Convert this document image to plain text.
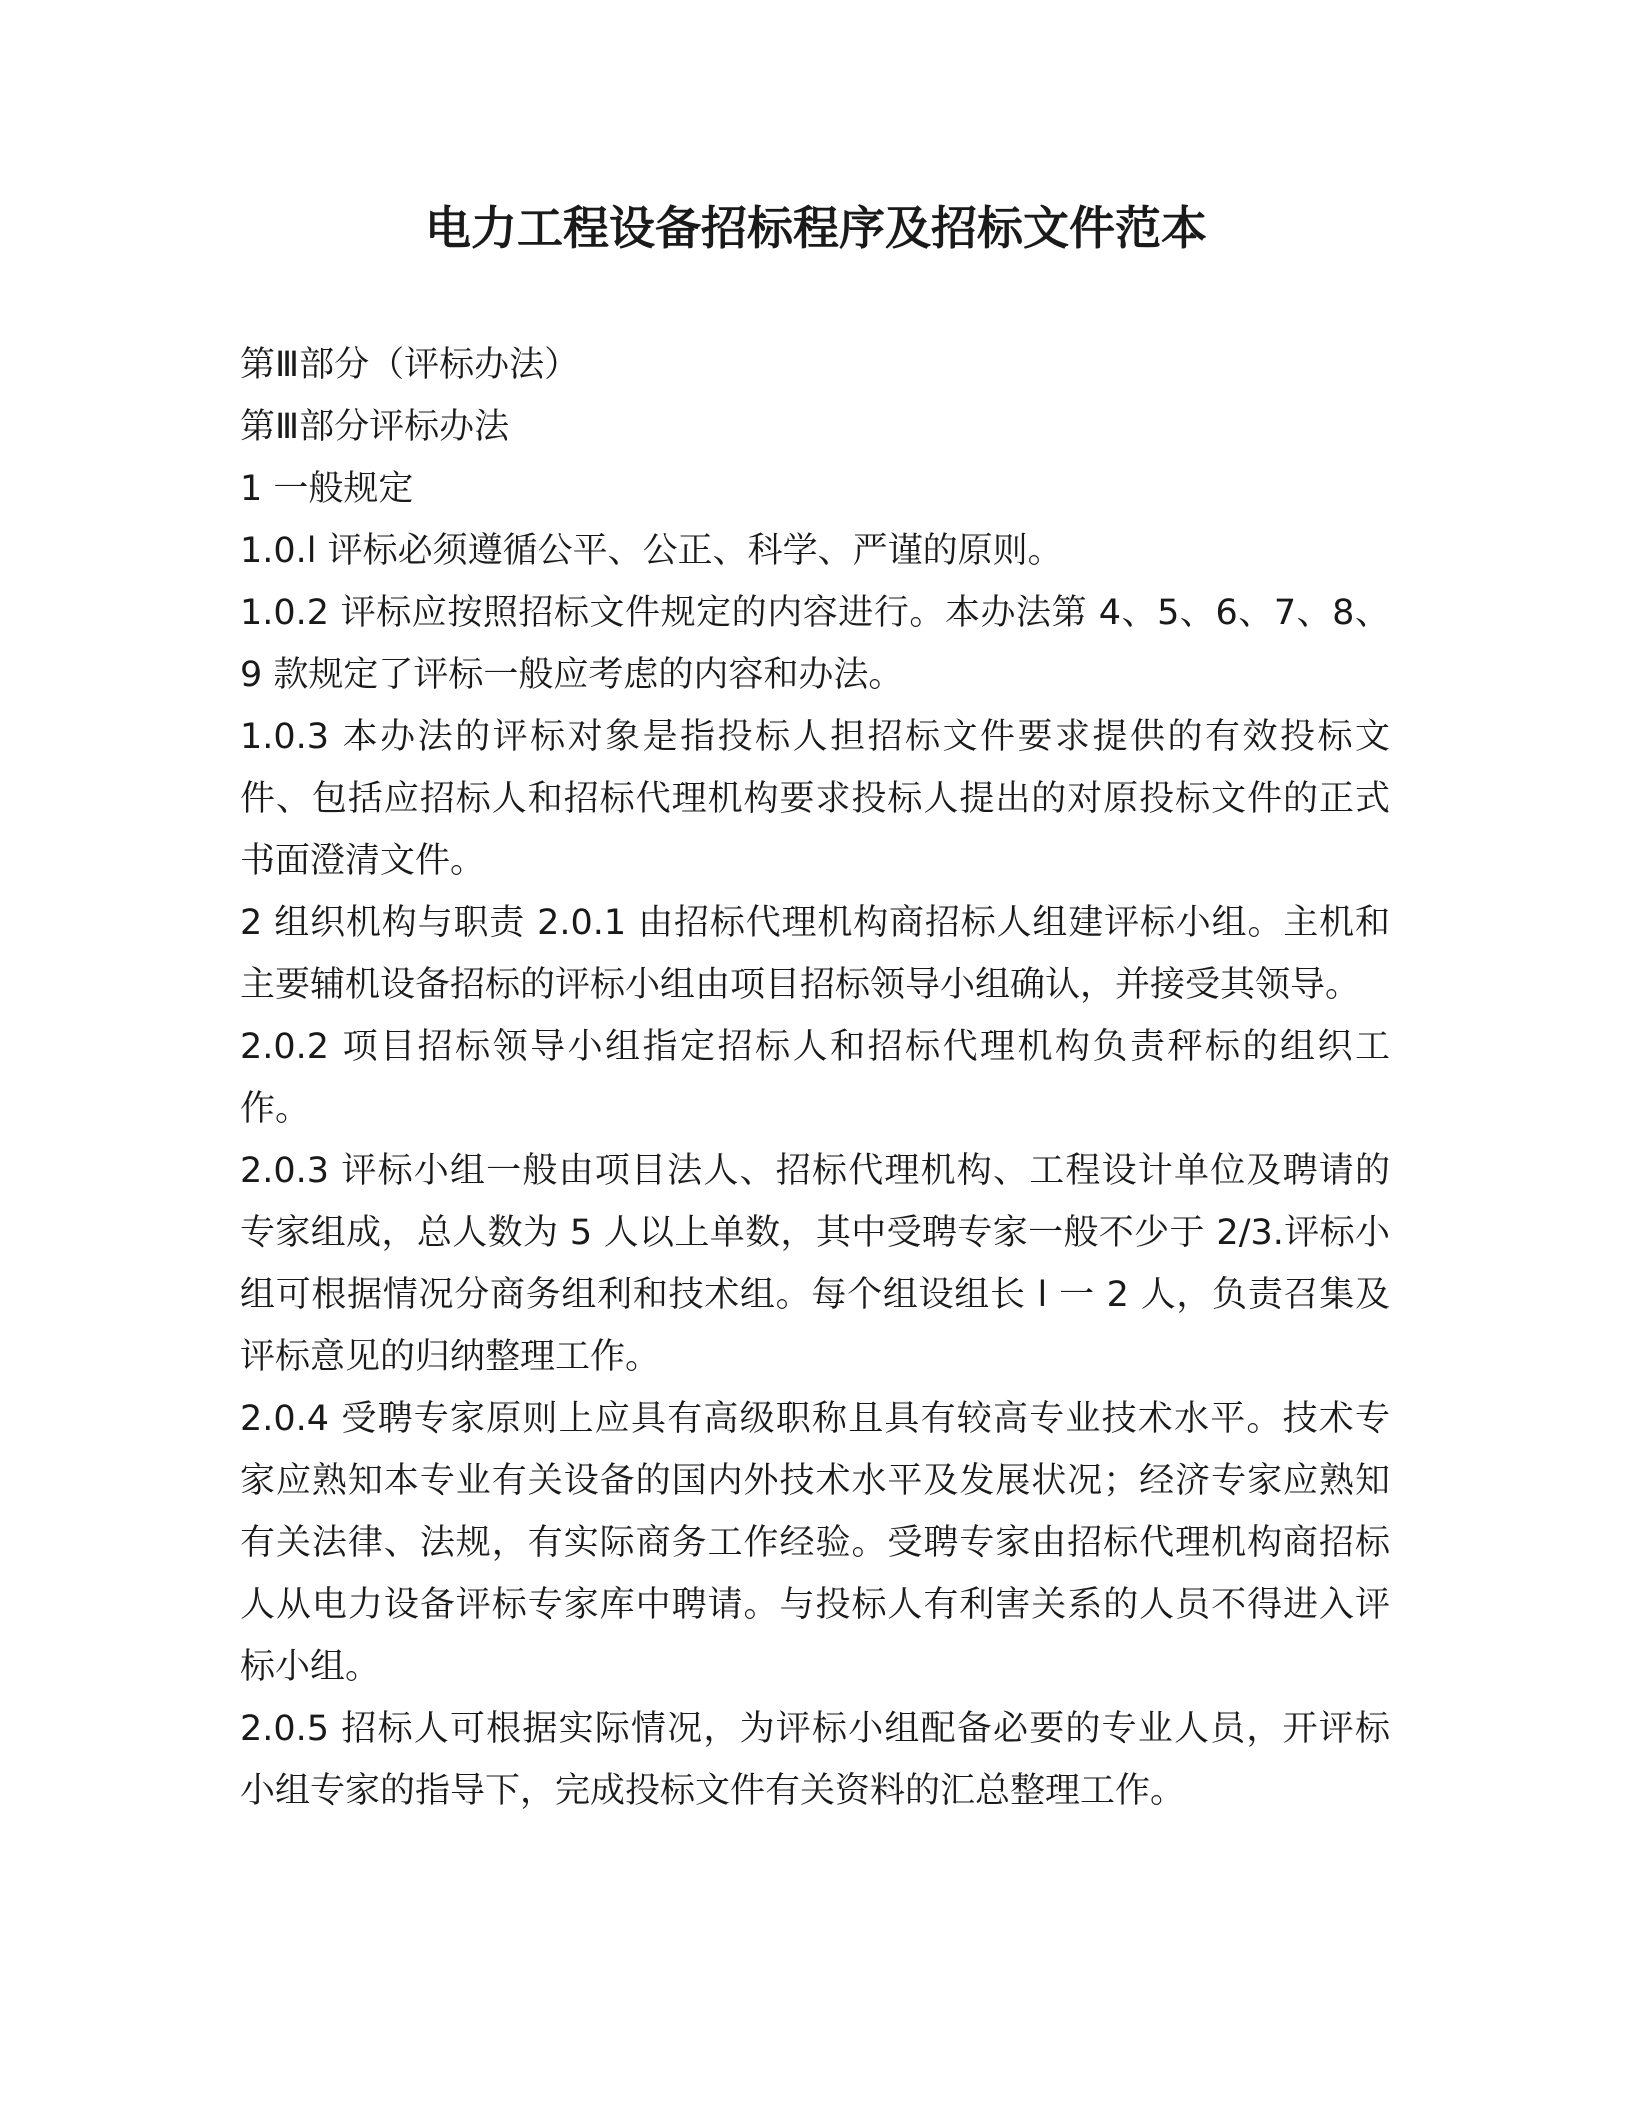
电力工程设备招标程序及招标文件范本

第Ⅲ部分（评标办法）

第Ⅲ部分评标办法

1 一般规定

1.0.l 评标必须遵循公平、公正、科学、严谨的原则。

1.0.2 评标应按照招标文件规定的内容进行。本办法第 4、5、6、7、8、9 款规定了评标一般应考虑的内容和办法。

1.0.3 本办法的评标对象是指投标人担招标文件要求提供的有效投标文件、包括应招标人和招标代理机构要求投标人提出的对原投标文件的正式书面澄清文件。

2 组织机构与职责 2.0.1 由招标代理机构商招标人组建评标小组。主机和主要辅机设备招标的评标小组由项目招标领导小组确认，并接受其领导。

2.0.2 项目招标领导小组指定招标人和招标代理机构负责秤标的组织工作。

2.0.3 评标小组一般由项目法人、招标代理机构、工程设计单位及聘请的专家组成，总人数为 5 人以上单数，其中受聘专家一般不少于 2/3.评标小组可根据情况分商务组利和技术组。每个组设组长 l 一 2 人，负责召集及评标意见的归纳整理工作。

2.0.4 受聘专家原则上应具有高级职称且具有较高专业技术水平。技术专家应熟知本专业有关设备的国内外技术水平及发展状况；经济专家应熟知有关法律、法规，有实际商务工作经验。受聘专家由招标代理机构商招标人从电力设备评标专家库中聘请。与投标人有利害关系的人员不得进入评标小组。

2.0.5 招标人可根据实际情况，为评标小组配备必要的专业人员，开评标小组专家的指导下，完成投标文件有关资料的汇总整理工作。
